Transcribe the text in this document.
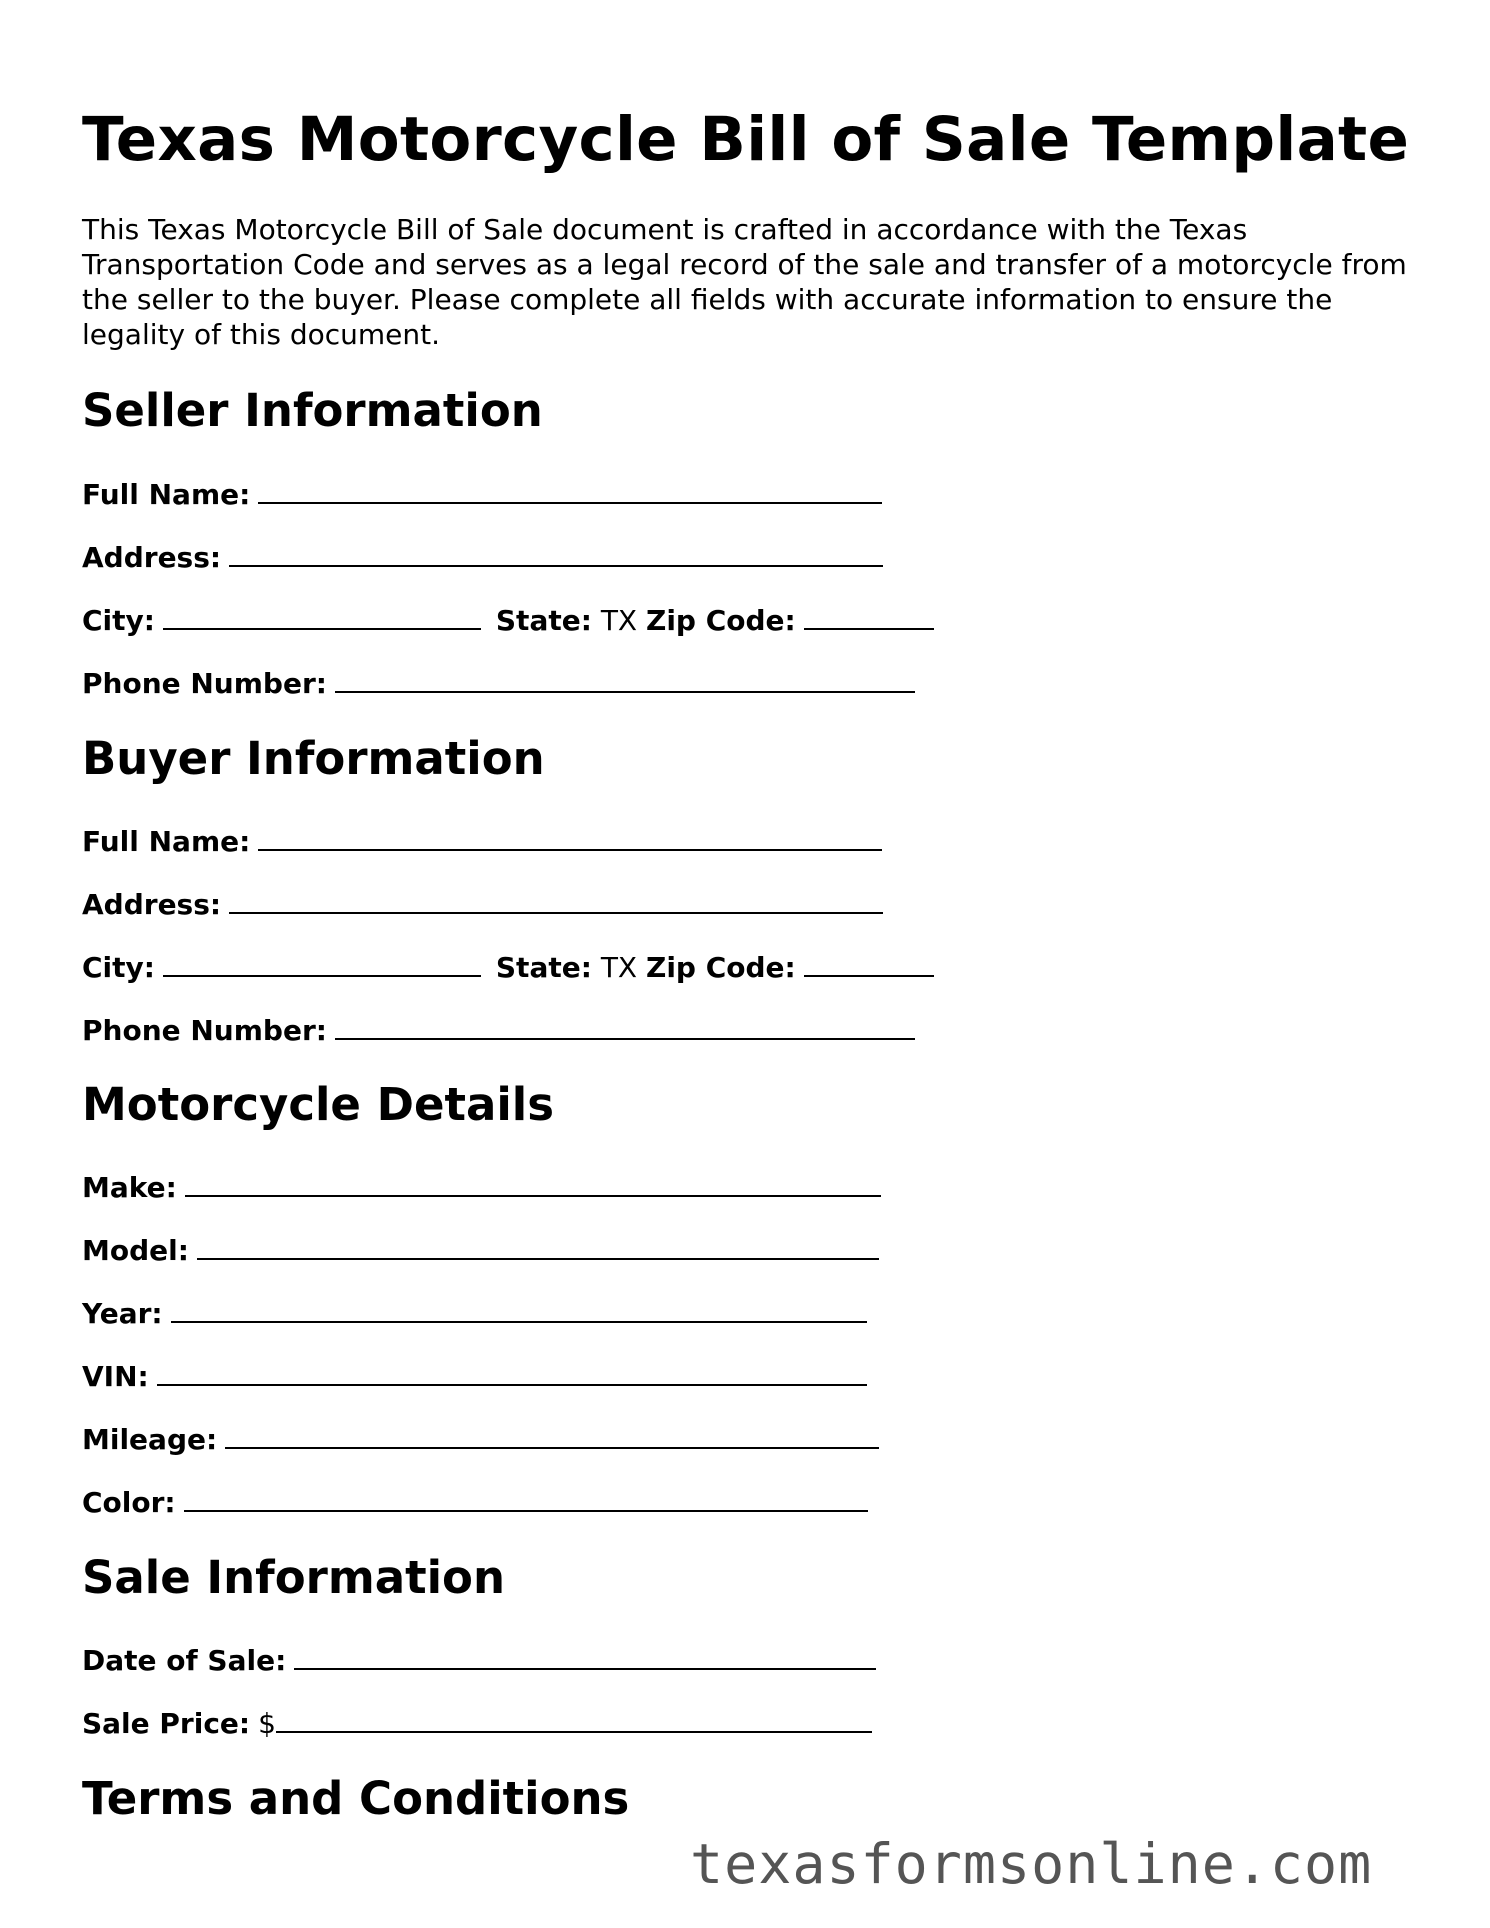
Texas Motorcycle Bill of Sale Template

This Texas Motorcycle Bill of Sale document is crafted in accordance with the Texas Transportation Code and serves as a legal record of the sale and transfer of a motorcycle from the seller to the buyer. Please complete all fields with accurate information to ensure the legality of this document.

Seller Information
Full Name:
Address:
City:	State: TX Zip Code:
Phone Number:
Buyer Information
Full Name:
Address:
City:	State: TX Zip Code:
Phone Number:
Motorcycle Details
Make:
Model:
Year:
VIN:
Mileage:
Color:
Sale Information
Date of Sale:
Sale Price: $
Terms and Conditions
texasformsonline.com
